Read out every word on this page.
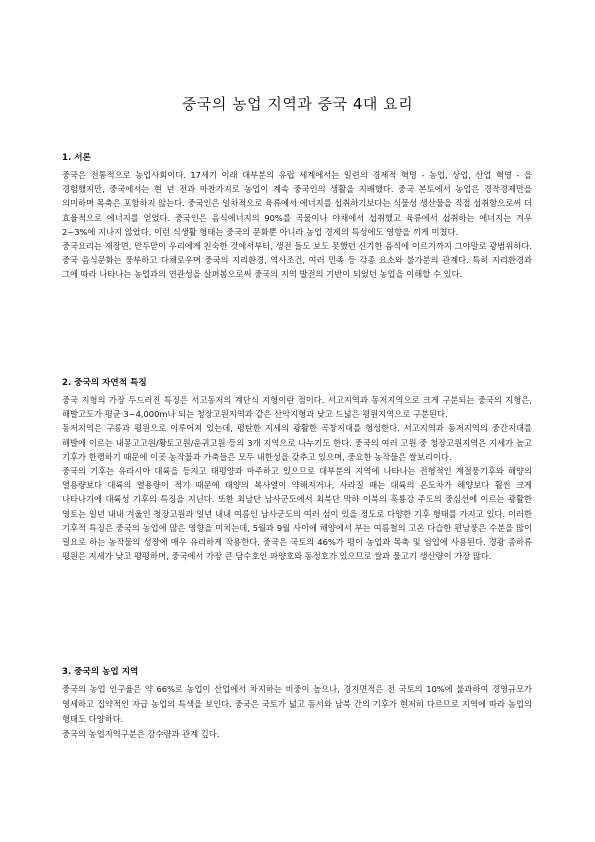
중국의 농업 지역과 중국 4대 요리
1. 서론

중국은 전통적으로 농업사회이다. 17세기 이래 대부분의 유럽 세계에서는 일련의 경제적 혁명 - 농업, 상업, 산업 혁명 - 을 경험했지만, 중국에서는 현 년 전과 마찬가지로 농업이 계속 중국인의 생활을 지배했다. 중국 본토에서 농업은 경작경제만을 의미하며 목축은 포함하지 않는다. 중국인은 일차적으로 육류에서 에너지를 섭취하기보다는 식물성 생산물을 직접 섭취함으로써 더 효율적으로 에너지를 얻었다. 중국인은 음식에너지의 90%를 곡물이나 야채에서 섭취했고 육류에서 섭취하는 에너지는 겨우 2~3%에 지나지 않았다. 이런 식생활 형태는 중국의 문화뿐 아니라 농업 경제의 특성에도 영향을 끼게 미쳤다.

중국요리는 재장면, 만두맏이 우리에게 친숙한 것에서부터, 생전 들도 보도 못했던 신기한 음식에 이르기까지 그야말로 광범위하다. 중국 음식문화는 풍부하고 다채로우며 중국의 지리환경, 역사조건, 여러 민족 등 각종 요소와 불가분의 관계다. 특히 지리환경과 그에 따라 나타나는 농업과의 연관성을 살펴봄으로써 중국의 지역 발전의 기반이 되었던 농업을 이해할 수 있다.

2. 중국의 자연적 특징

중국 지형의 가장 두드러진 특징은 서고동저의 계단식 지형이란 점이다. 서고지역과 동저지역으로 크게 구분되는 중국의 지형은, 해발고도가 평균 3~4,000m나 되는 청장고원지역과 같은 산악지형과 낮고 드넓은 평원지역으로 구분된다.

동저지역은 구릉과 평원으로 이루어져 있는데, 평탄한 지세의 광활한 곡창지대를 형성한다. 서고지역과 동저지역의 중간지대를 해발에 이르는 내몽고고원/황토고원/운귀고원 등의 3개 지역으로 나누기도 한다. 중국의 여러 고원 중 청장고원지역은 지세가 높고 기후가 한랭하기 때문에 이곳 농작물과 가축들은 모두 내한성을 갖추고 있으며, 중요한 농작물은 쌀보리이다.

중국의 기후는 유라시아 대륙을 등지고 태평양과 마주하고 있으므로 대부분의 지역에 나타나는 전형적인 계절풍기후와 해양의 열용량보다 대륙의 열용량이 적기 때문에 태양의 복사열이 약해지거나, 사라질 때는 대륙의 온도차가 해양보다 훨씬 크게 나타나기에 대륙성 기후의 특징을 지닌다. 또한 최남단 남사군도에서 최북단 막하 이북의 흑룡강 주도의 중심선에 이르는 광활한 영토는 일년 내내 겨울인 청장고원과 일년 내내 여름인 남사군도의 여러 섬이 있을 정도로 다양한 기후 형태를 가지고 있다. 이러한 기후적 특징은 중국의 농업에 많은 영향을 미치는데, 5월과 9월 사이에 해양에서 부는 여름철의 고온 다습한 편남풍은 수분을 많이 필요로 하는 농작물의 성장에 매우 유리하게 작용한다. 중국은 국토의 46%가 평이 농업과 목축 및 임업에 사용된다. 경광 종하류 평원은 지세가 낮고 평평하며, 중국에서 가장 큰 담수호인 파양호와 동정호가 있으므로 쌀과 물고기 생산량이 가장 많다.

3. 중국의 농업 지역

중국의 농업 인구율은 약 66%로 농업이 산업에서 차지하는 비중이 높으나, 경지면적은 전 국토의 10%에 불과하여 경영규모가 영세하고 집약적인 자급 농업의 특색을 보인다. 중국은 국토가 넓고 동서와 남북 간의 기후가 현저히 다르므로 지역에 따라 농업의 형태도 다양하다.

중국의 농업지역구분은 강수량과 관계 깊다.
